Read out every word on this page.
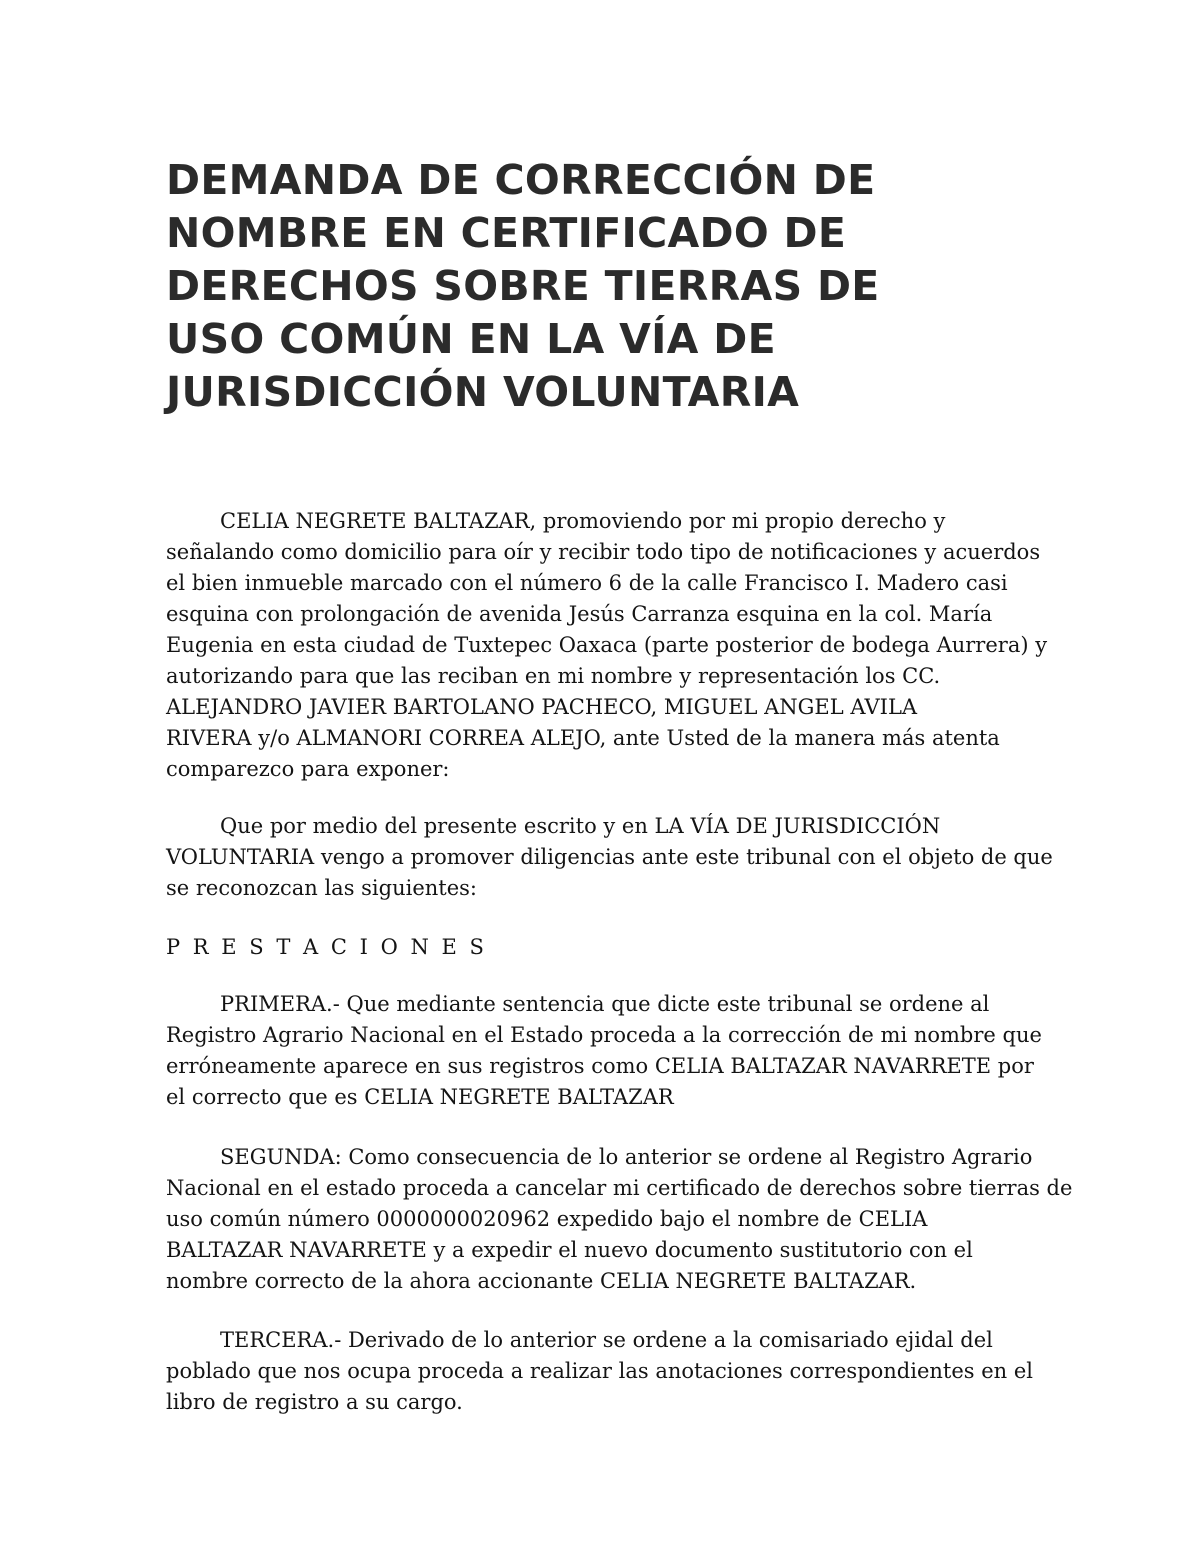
DEMANDA DE CORRECCIÓN DE
NOMBRE EN CERTIFICADO DE
DERECHOS SOBRE TIERRAS DE
USO COMÚN EN LA VÍA DE
JURISDICCIÓN VOLUNTARIA

CELIA NEGRETE BALTAZAR, promoviendo por mi propio derecho y
señalando como domicilio para oír y recibir todo tipo de notificaciones y acuerdos
el bien inmueble marcado con el número 6 de la calle Francisco I. Madero casi
esquina con prolongación de avenida Jesús Carranza esquina en la col. María
Eugenia en esta ciudad de Tuxtepec Oaxaca (parte posterior de bodega Aurrera) y
autorizando para que las reciban en mi nombre y representación los CC.
ALEJANDRO JAVIER BARTOLANO PACHECO, MIGUEL ANGEL AVILA
RIVERA y/o ALMANORI CORREA ALEJO, ante Usted de la manera más atenta
comparezco para exponer:

Que por medio del presente escrito y en LA VÍA DE JURISDICCIÓN
VOLUNTARIA vengo a promover diligencias ante este tribunal con el objeto de que
se reconozcan las siguientes:

P R E S T A C I O N E S

PRIMERA.- Que mediante sentencia que dicte este tribunal se ordene al
Registro Agrario Nacional en el Estado proceda a la corrección de mi nombre que
erróneamente aparece en sus registros como CELIA BALTAZAR NAVARRETE por
el correcto que es CELIA NEGRETE BALTAZAR

SEGUNDA: Como consecuencia de lo anterior se ordene al Registro Agrario
Nacional en el estado proceda a cancelar mi certificado de derechos sobre tierras de
uso común número 0000000020962 expedido bajo el nombre de CELIA
BALTAZAR NAVARRETE y a expedir el nuevo documento sustitutorio con el
nombre correcto de la ahora accionante CELIA NEGRETE BALTAZAR.

TERCERA.- Derivado de lo anterior se ordene a la comisariado ejidal del
poblado que nos ocupa proceda a realizar las anotaciones correspondientes en el
libro de registro a su cargo.
